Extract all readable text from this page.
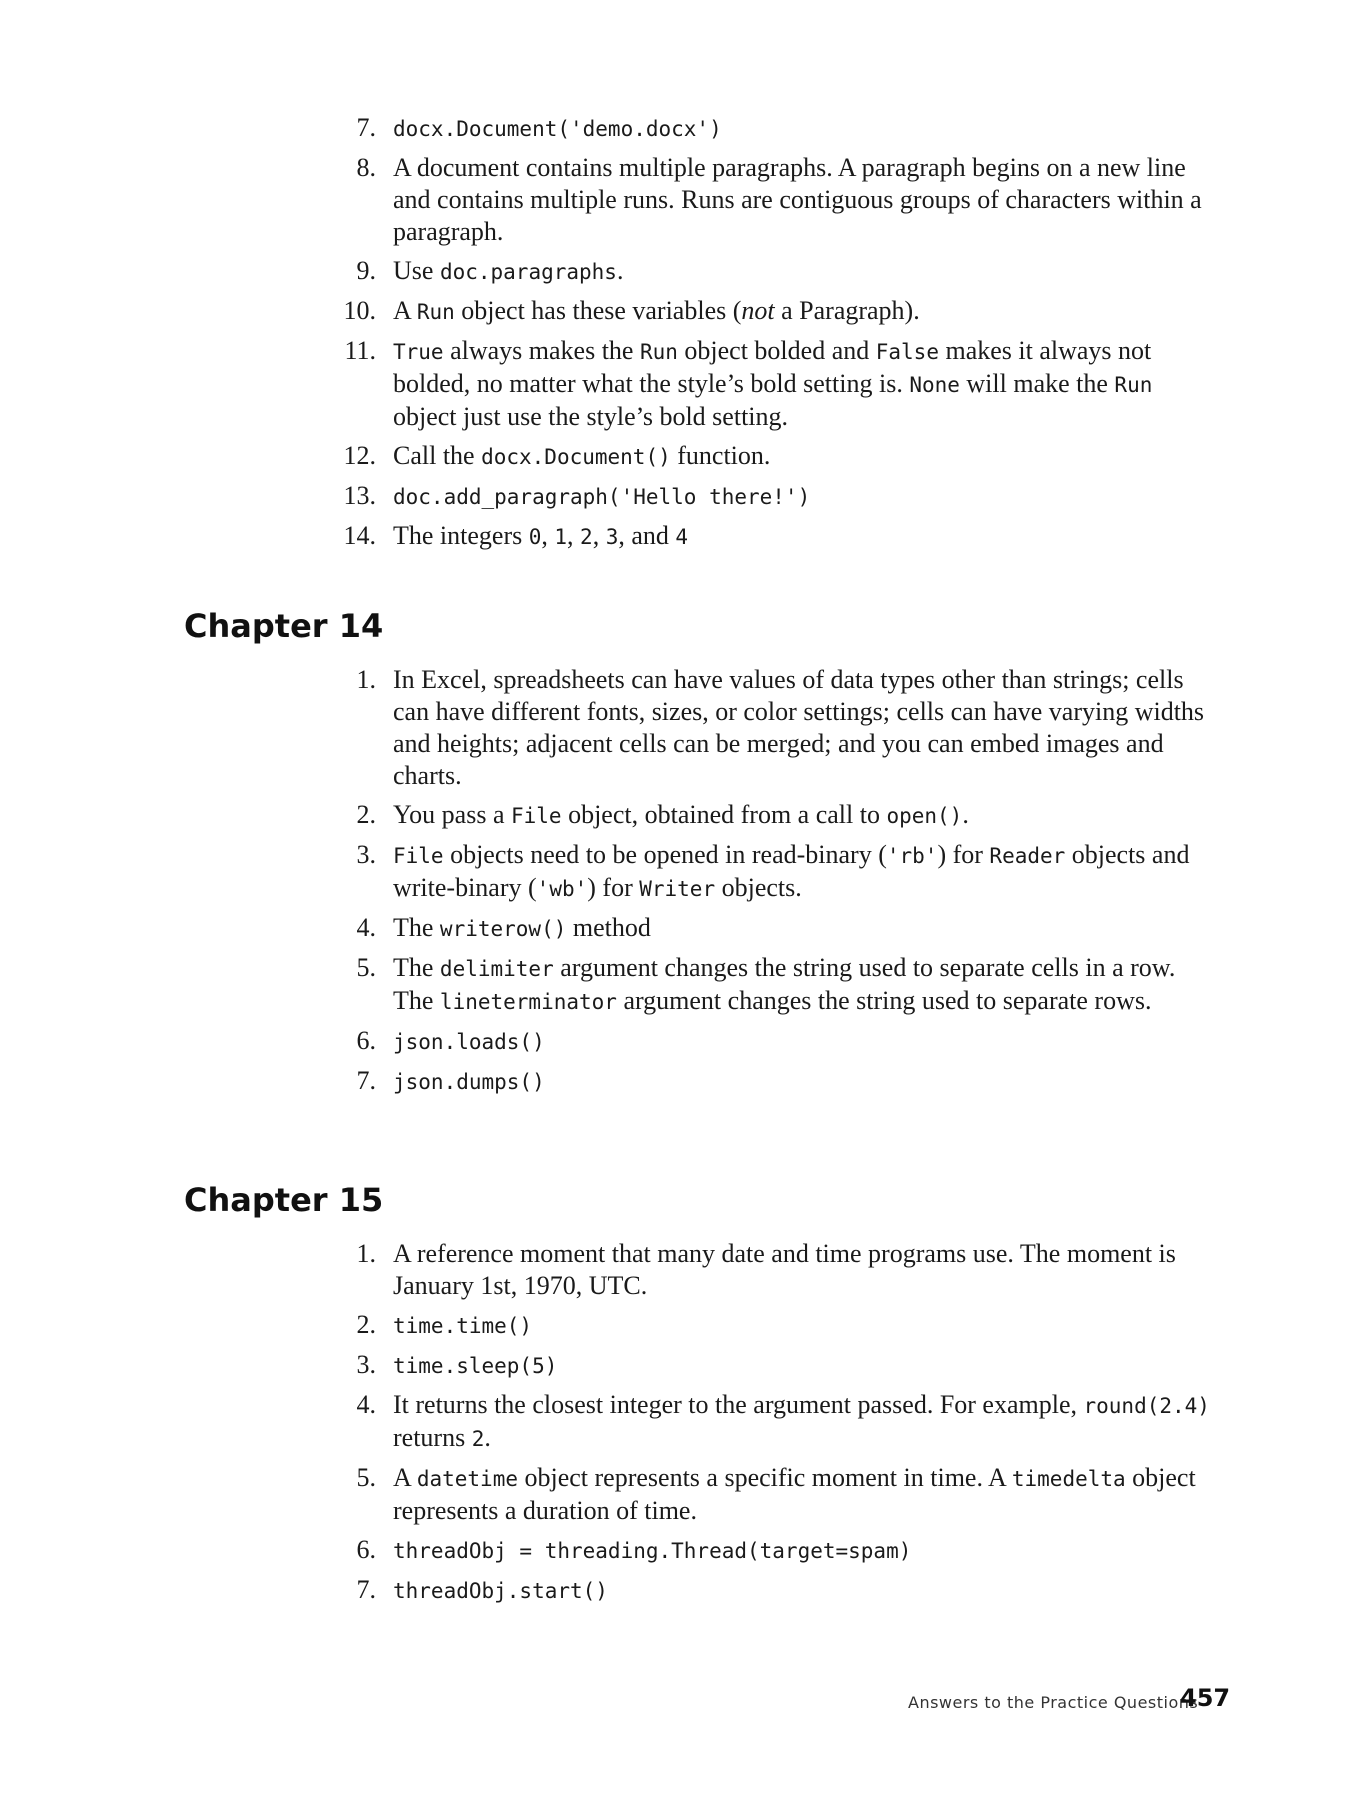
7. docx.Document('demo.docx')
8. A document contains multiple paragraphs. A paragraph begins on a new line and contains multiple runs. Runs are contiguous groups of characters within a paragraph.
9. Use doc.paragraphs.
10. A Run object has these variables (not a Paragraph).
11. True always makes the Run object bolded and False makes it always not bolded, no matter what the style’s bold setting is. None will make the Run object just use the style’s bold setting.
12. Call the docx.Document() function.
13. doc.add_paragraph('Hello there!')
14. The integers 0, 1, 2, 3, and 4
Chapter 14
1. In Excel, spreadsheets can have values of data types other than strings; cells can have different fonts, sizes, or color settings; cells can have varying widths and heights; adjacent cells can be merged; and you can embed images and charts.
2. You pass a File object, obtained from a call to open().
3. File objects need to be opened in read-binary ('rb') for Reader objects and write-binary ('wb') for Writer objects.
4. The writerow() method
5. The delimiter argument changes the string used to separate cells in a row. The lineterminator argument changes the string used to separate rows.
6. json.loads()
7. json.dumps()
Chapter 15
1. A reference moment that many date and time programs use. The moment is January 1st, 1970, UTC.
2. time.time()
3. time.sleep(5)
4. It returns the closest integer to the argument passed. For example, round(2.4) returns 2.
5. A datetime object represents a specific moment in time. A timedelta object represents a duration of time.
6. threadObj = threading.Thread(target=spam)
7. threadObj.start()
Answers to the Practice Questions
457
